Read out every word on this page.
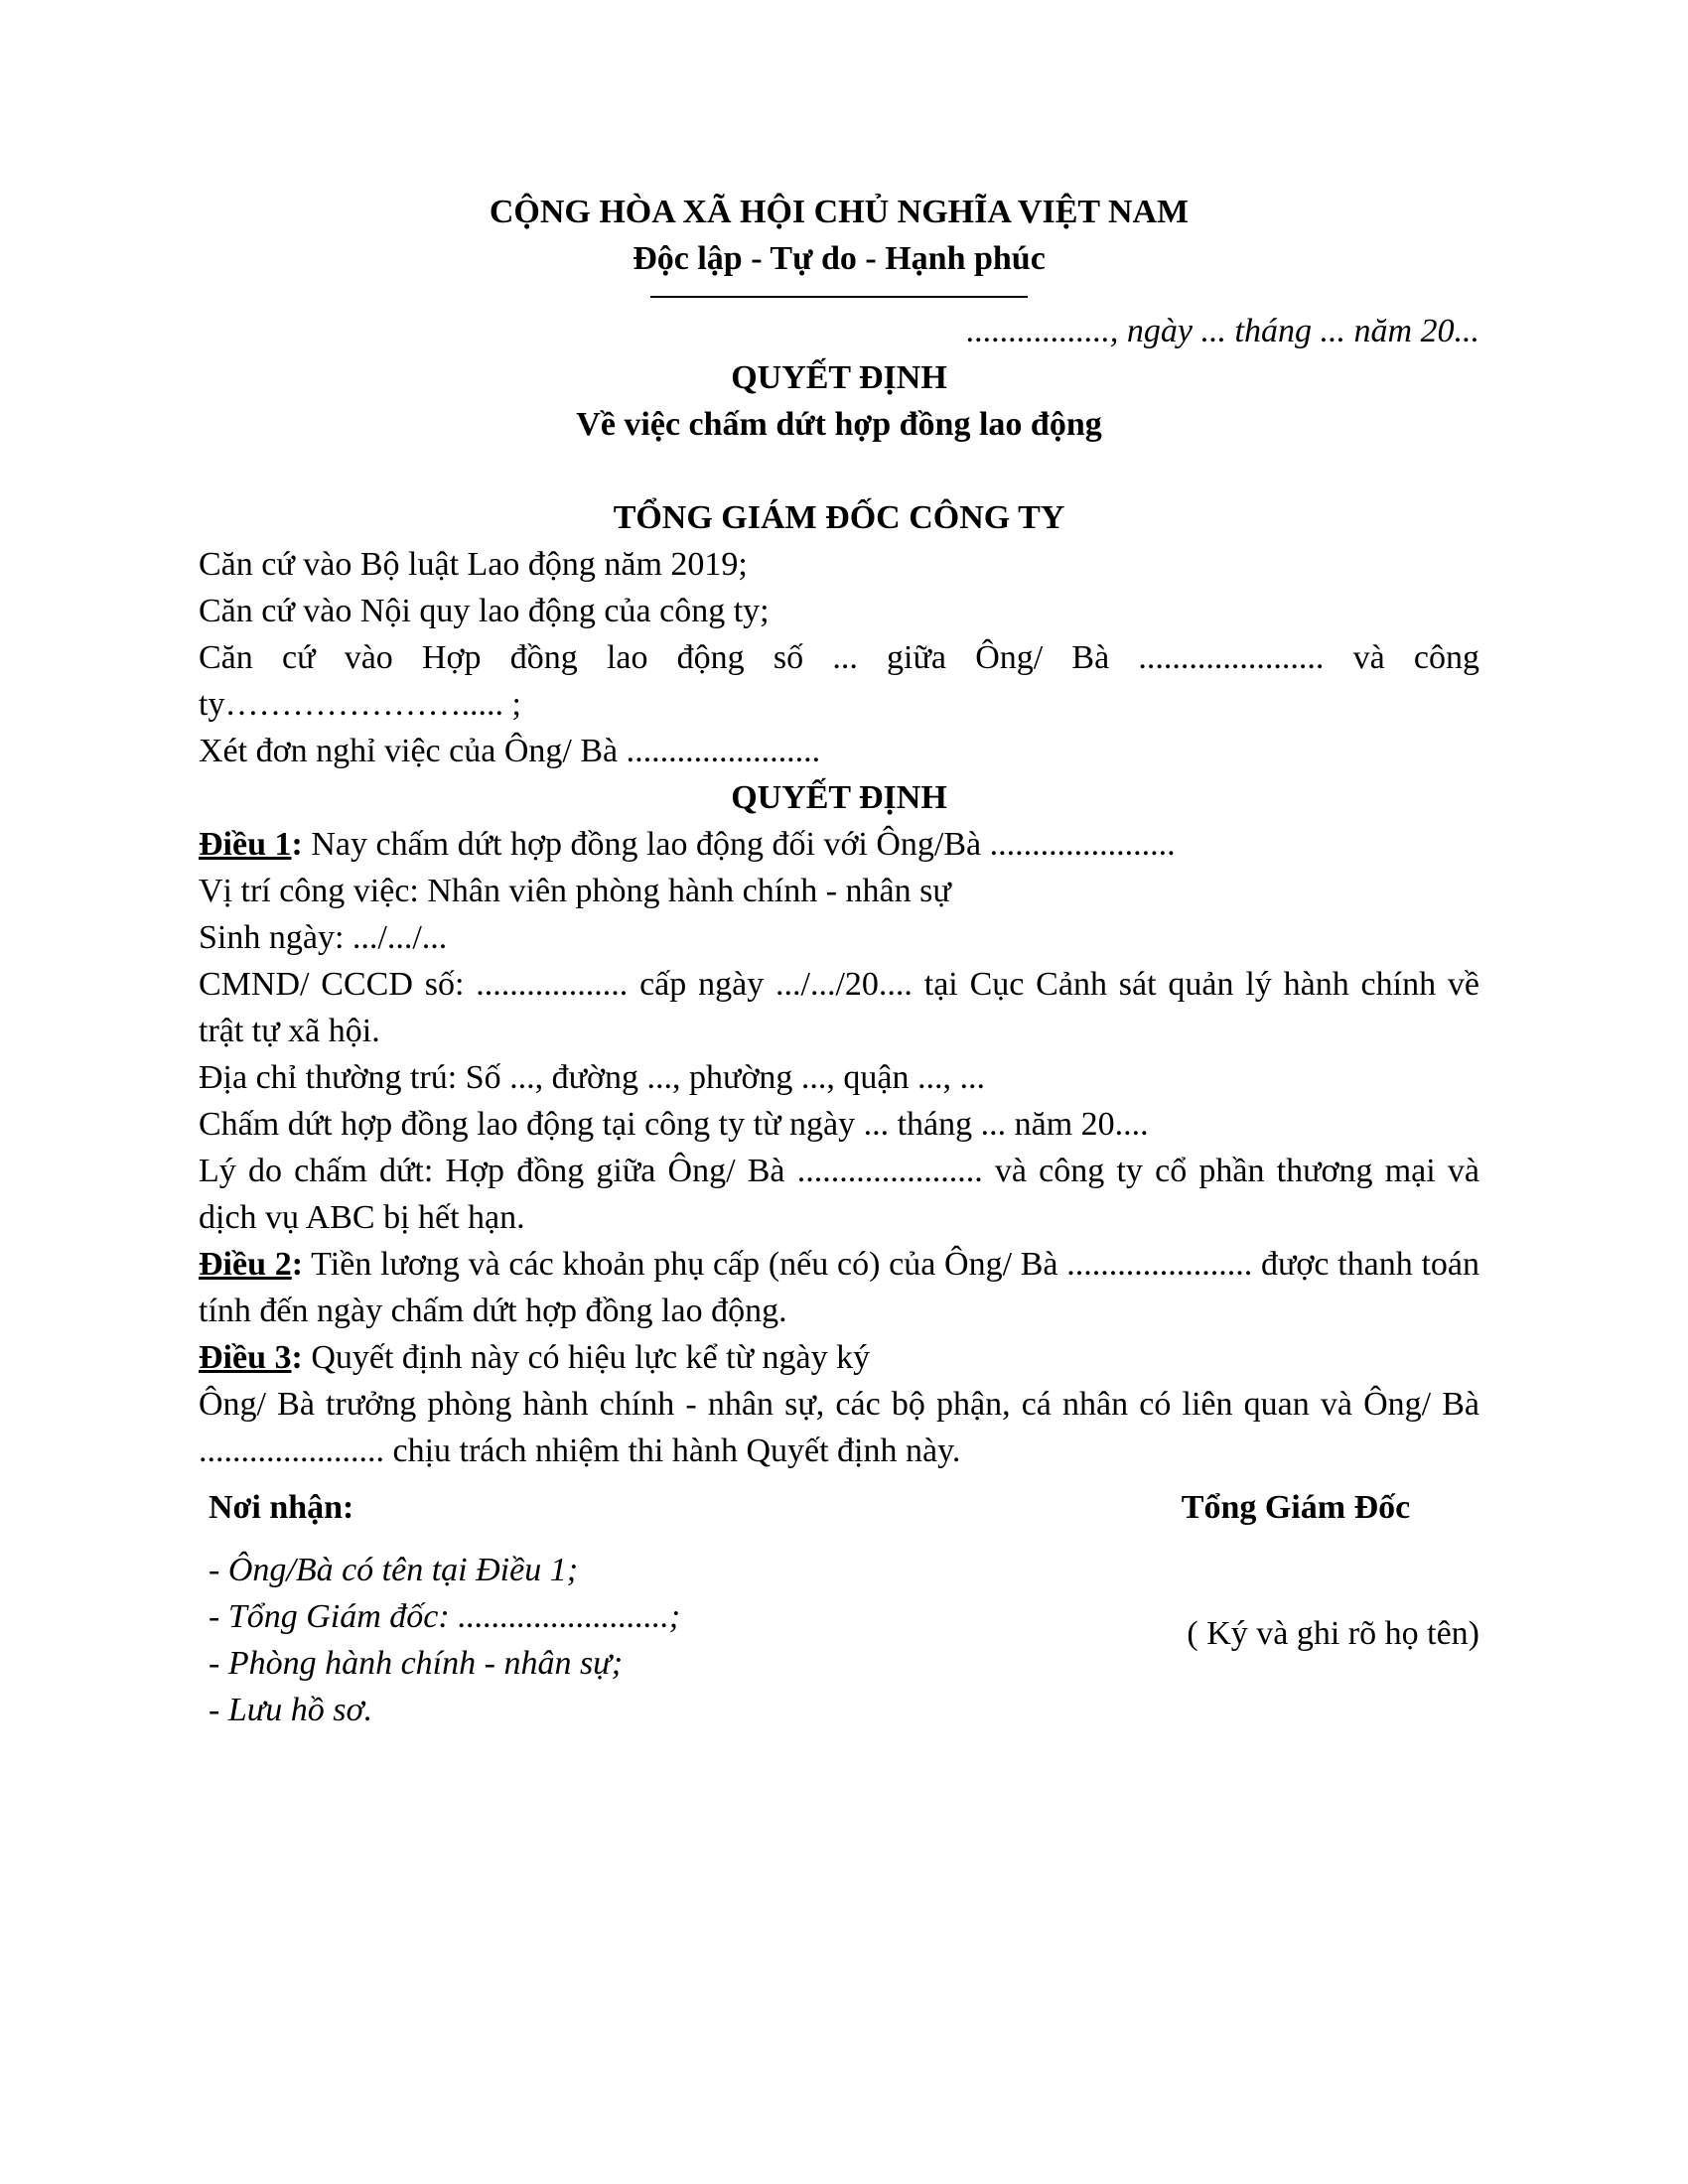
CỘNG HÒA XÃ HỘI CHỦ NGHĨA VIỆT NAM
Độc lập - Tự do - Hạnh phúc
................., ngày ... tháng ... năm 20...
QUYẾT ĐỊNH
Về việc chấm dứt hợp đồng lao động
TỔNG GIÁM ĐỐC CÔNG TY
Căn cứ vào Bộ luật Lao động năm 2019;
Căn cứ vào Nội quy lao động của công ty;
Căn cứ vào Hợp đồng lao động số ... giữa Ông/ Bà ...................... và công ty…………………..... ;
Xét đơn nghỉ việc của Ông/ Bà .......................
QUYẾT ĐỊNH
Điều 1: Nay chấm dứt hợp đồng lao động đối với Ông/Bà ......................
Vị trí công việc: Nhân viên phòng hành chính - nhân sự
Sinh ngày: .../.../...
CMND/ CCCD số: .................. cấp ngày .../.../20.... tại Cục Cảnh sát quản lý hành chính về trật tự xã hội.
Địa chỉ thường trú: Số ..., đường ..., phường ..., quận ..., ...
Chấm dứt hợp đồng lao động tại công ty từ ngày ... tháng ... năm 20....
Lý do chấm dứt: Hợp đồng giữa Ông/ Bà ...................... và công ty cổ phần thương mại và dịch vụ ABC bị hết hạn.
Điều 2: Tiền lương và các khoản phụ cấp (nếu có) của Ông/ Bà ...................... được thanh toán tính đến ngày chấm dứt hợp đồng lao động.
Điều 3: Quyết định này có hiệu lực kể từ ngày ký
Ông/ Bà trưởng phòng hành chính - nhân sự, các bộ phận, cá nhân có liên quan và Ông/ Bà ...................... chịu trách nhiệm thi hành Quyết định này.
Nơi nhận:
- Ông/Bà có tên tại Điều 1;
- Tổng Giám đốc: .........................;
- Phòng hành chính - nhân sự;
- Lưu hồ sơ.
Tổng Giám Đốc
( Ký và ghi rõ họ tên)
